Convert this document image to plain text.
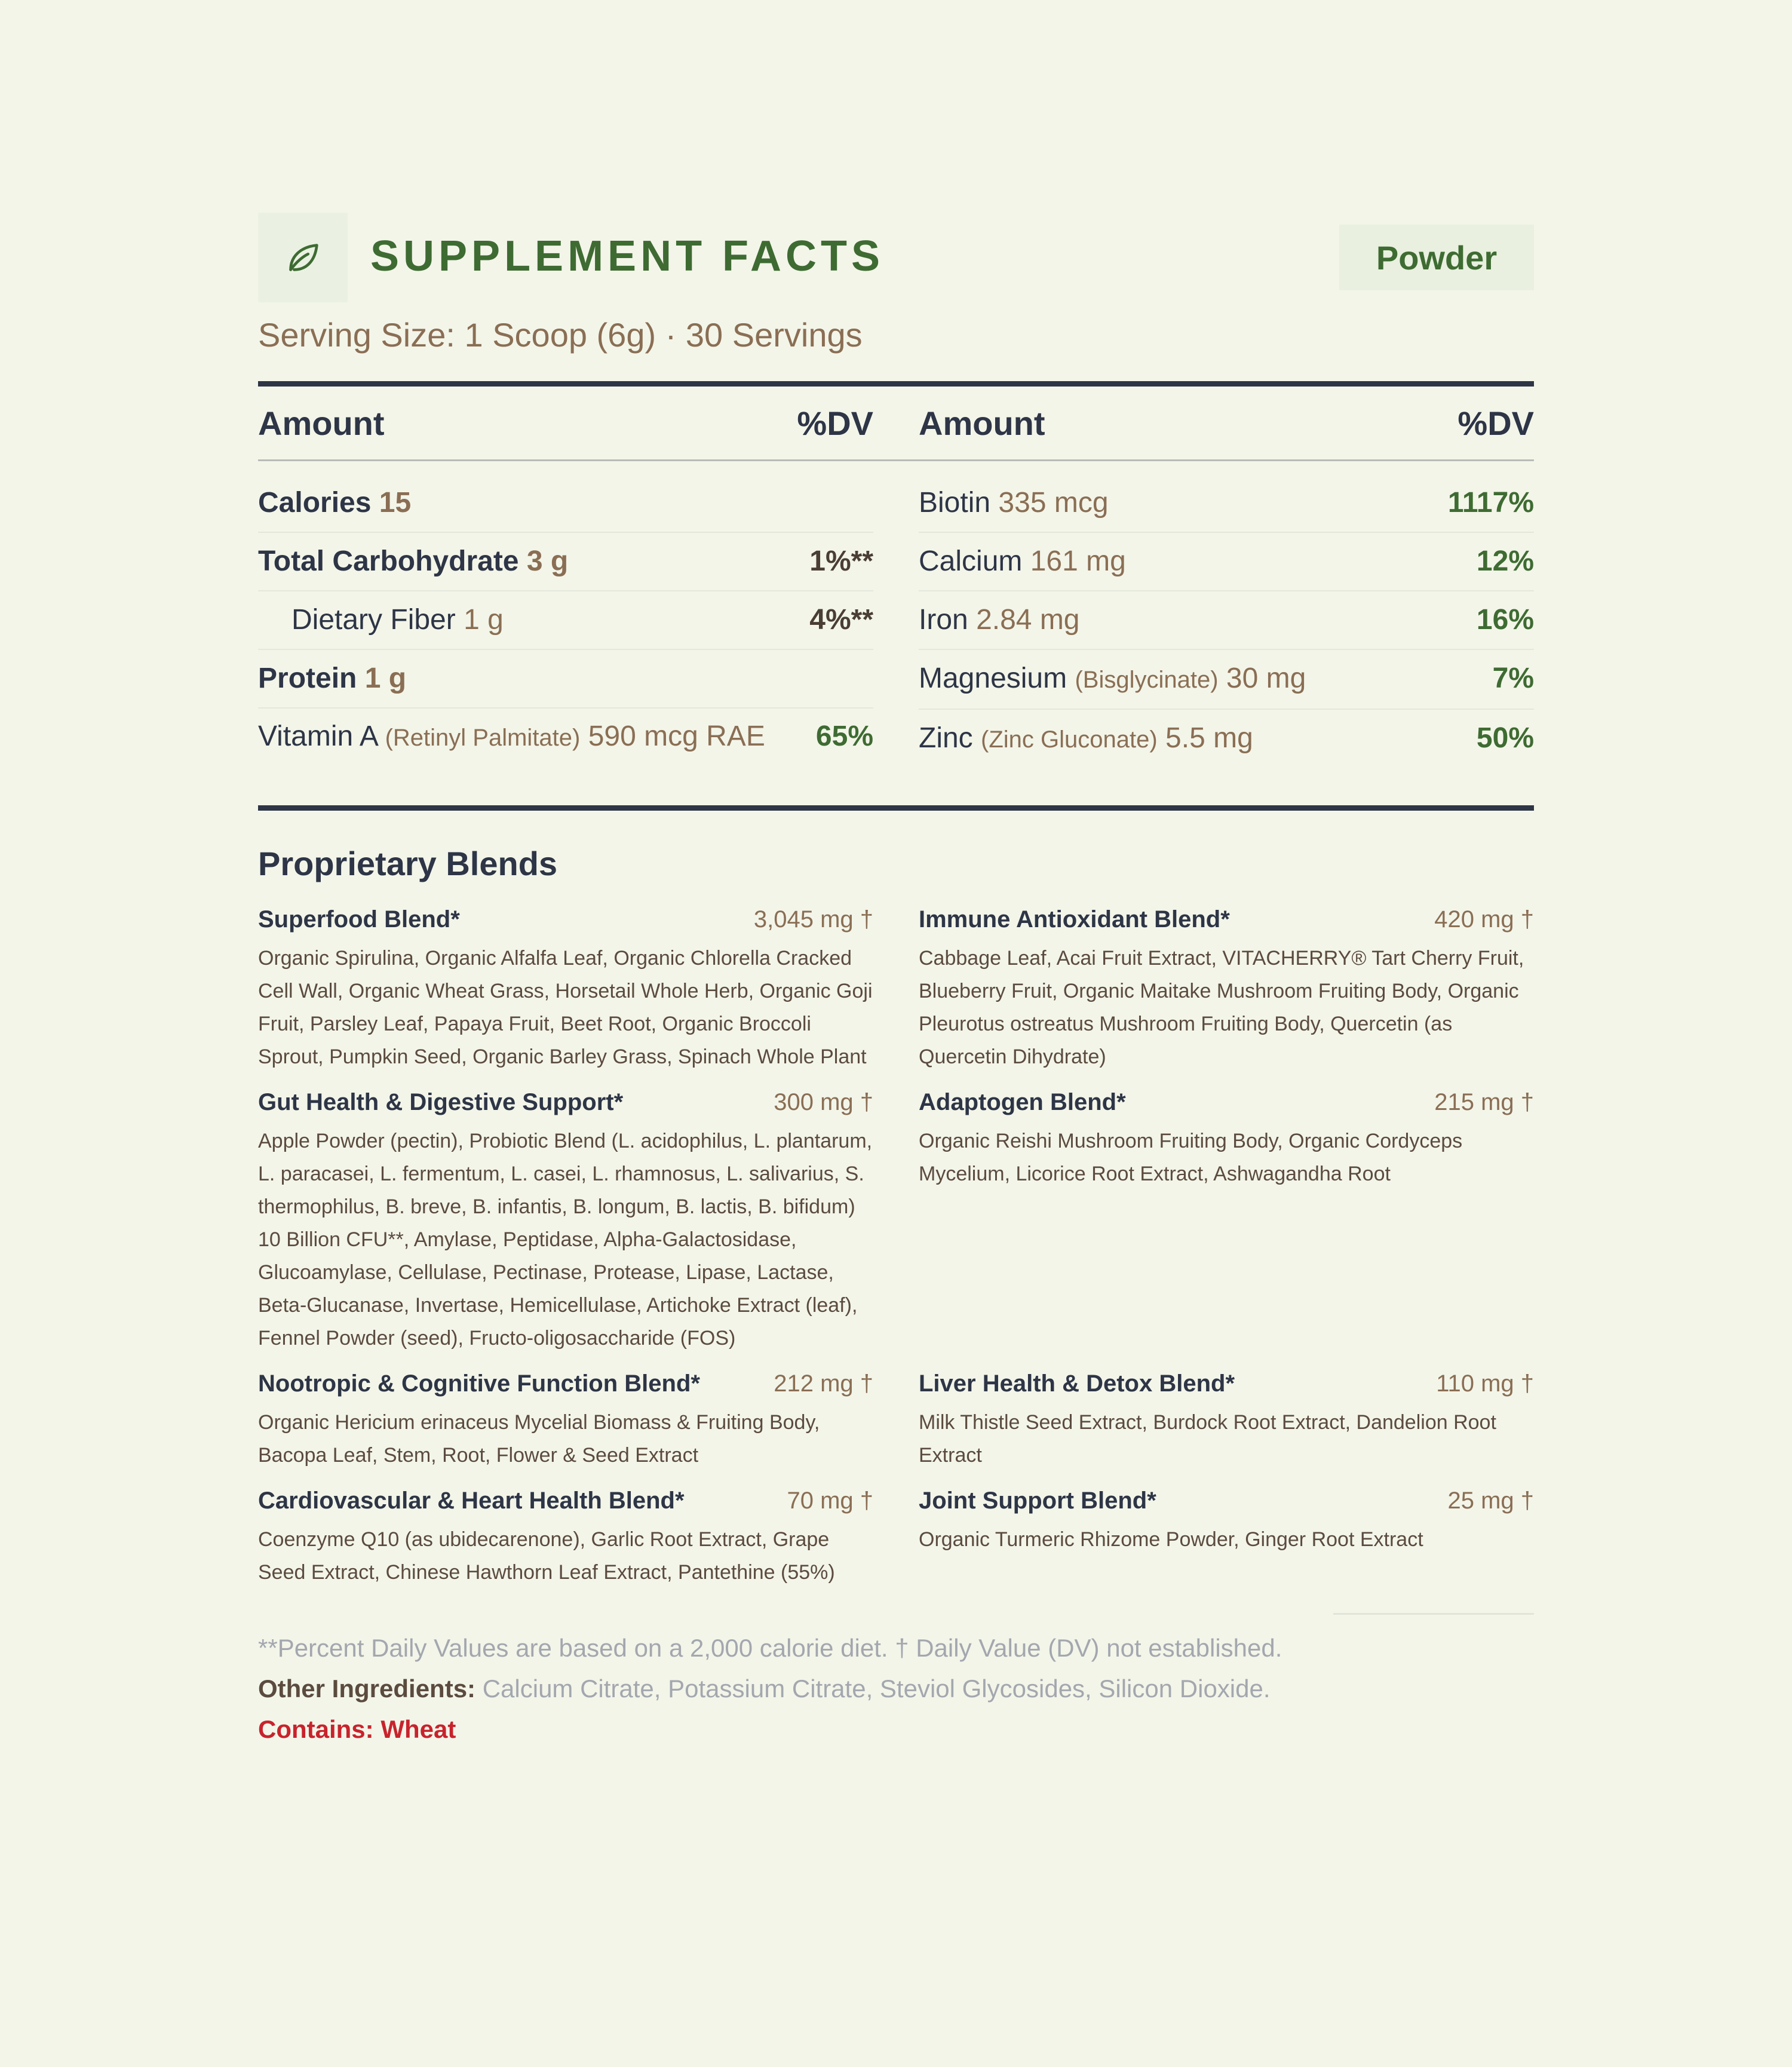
SUPPLEMENT FACTS	Powder
Serving Size: 1 Scoop (6g) · 30 Servings
Amount	%DV Amount	%DV
Calories 15
Total Carbohydrate 3 g	1%**
Dietary Fiber 1 g	4%**
Protein 1 g
Vitamin A (Retinyl Palmitate) 590 mcg RAE	65%
Biotin 335 mcg	1117%
Calcium 161 mg	12%
Iron 2.84 mg	16%
Magnesium (Bisglycinate) 30 mg	7%
Zinc (Zinc Gluconate) 5.5 mg	50%
Proprietary Blends
Superfood Blend*	3,045 mg †
Organic Spirulina, Organic Alfalfa Leaf, Organic Chlorella Cracked Cell Wall, Organic Wheat Grass, Horsetail Whole Herb, Organic Goji Fruit, Parsley Leaf, Papaya Fruit, Beet Root, Organic Broccoli Sprout, Pumpkin Seed, Organic Barley Grass, Spinach Whole Plant
Immune Antioxidant Blend*	420 mg †
Cabbage Leaf, Acai Fruit Extract, VITACHERRY® Tart Cherry Fruit, Blueberry Fruit, Organic Maitake Mushroom Fruiting Body, Organic Pleurotus ostreatus Mushroom Fruiting Body, Quercetin (as Quercetin Dihydrate)
Gut Health & Digestive Support*	300 mg †
Apple Powder (pectin), Probiotic Blend (L. acidophilus, L. plantarum, L. paracasei, L. fermentum, L. casei, L. rhamnosus, L. salivarius, S. thermophilus, B. breve, B. infantis, B. longum, B. lactis, B. bifidum) 10 Billion CFU**, Amylase, Peptidase, Alpha-Galactosidase, Glucoamylase, Cellulase, Pectinase, Protease, Lipase, Lactase, Beta-Glucanase, Invertase, Hemicellulase, Artichoke Extract (leaf), Fennel Powder (seed), Fructo-oligosaccharide (FOS)
Adaptogen Blend*	215 mg †
Organic Reishi Mushroom Fruiting Body, Organic Cordyceps Mycelium, Licorice Root Extract, Ashwagandha Root
Nootropic & Cognitive Function Blend*	212 mg †
Organic Hericium erinaceus Mycelial Biomass & Fruiting Body, Bacopa Leaf, Stem, Root, Flower & Seed Extract
Liver Health & Detox Blend*	110 mg †
Milk Thistle Seed Extract, Burdock Root Extract, Dandelion Root Extract
Cardiovascular & Heart Health Blend*	70 mg †
Coenzyme Q10 (as ubidecarenone), Garlic Root Extract, Grape Seed Extract, Chinese Hawthorn Leaf Extract, Pantethine (55%)
Joint Support Blend*	25 mg †
Organic Turmeric Rhizome Powder, Ginger Root Extract
**Percent Daily Values are based on a 2,000 calorie diet. † Daily Value (DV) not established.
Other Ingredients: Calcium Citrate, Potassium Citrate, Steviol Glycosides, Silicon Dioxide.
Contains: Wheat
